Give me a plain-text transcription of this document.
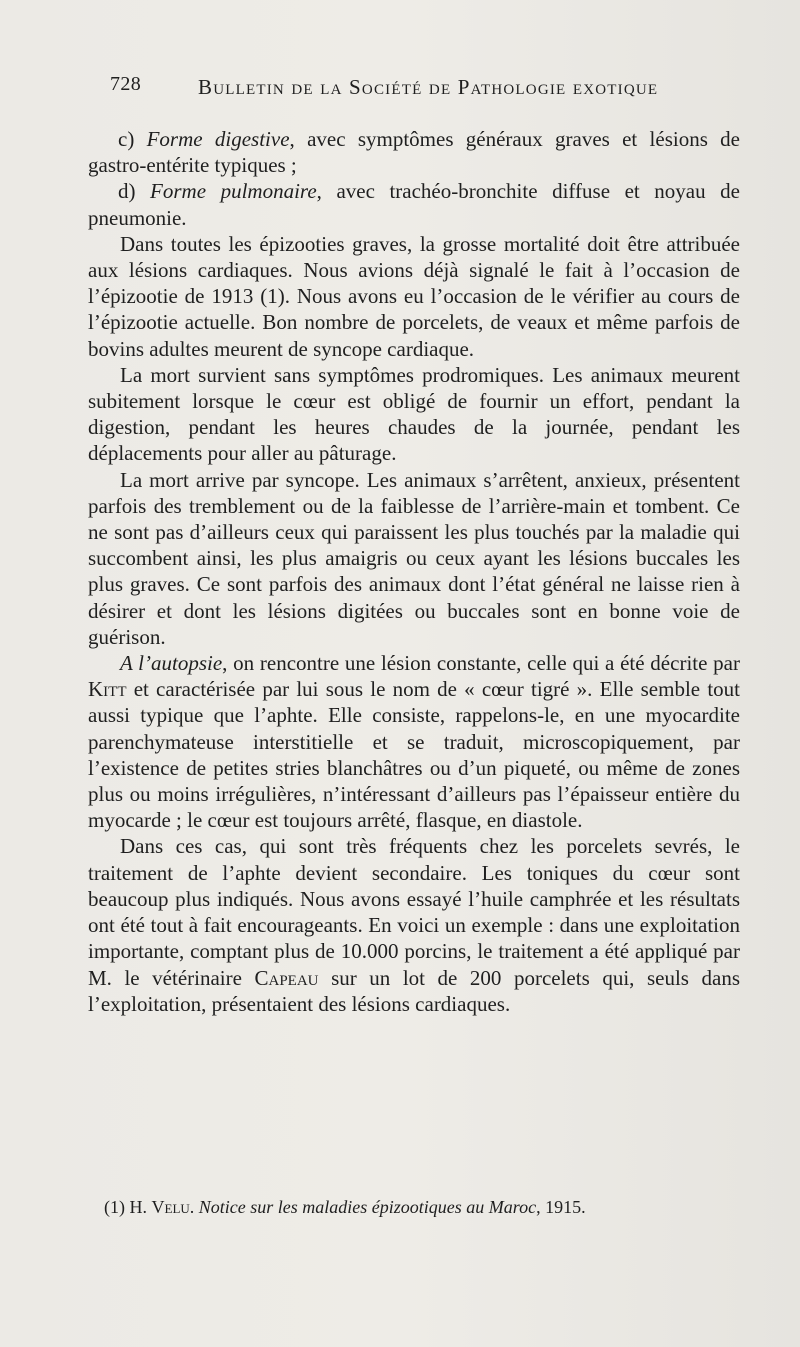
728	Bulletin de la Société de Pathologie exotique

c) Forme digestive, avec symptômes généraux graves et lésions de gastro-entérite typiques ;

d) Forme pulmonaire, avec trachéo-bronchite diffuse et noyau de pneumonie.

Dans toutes les épizooties graves, la grosse mortalité doit être attribuée aux lésions cardiaques. Nous avions déjà signalé le fait à l’occasion de l’épizootie de 1913 (1). Nous avons eu l’occasion de le vérifier au cours de l’épizootie actuelle. Bon nombre de porcelets, de veaux et même parfois de bovins adultes meurent de syncope cardiaque.

La mort survient sans symptômes prodromiques. Les animaux meurent subitement lorsque le cœur est obligé de fournir un effort, pendant la digestion, pendant les heures chaudes de la journée, pendant les déplacements pour aller au pâturage.

La mort arrive par syncope. Les animaux s’arrêtent, anxieux, présentent parfois des tremblement ou de la faiblesse de l’arrière-main et tombent. Ce ne sont pas d’ailleurs ceux qui paraissent les plus touchés par la maladie qui succombent ainsi, les plus amaigris ou ceux ayant les lésions buccales les plus graves. Ce sont parfois des animaux dont l’état général ne laisse rien à désirer et dont les lésions digitées ou buccales sont en bonne voie de guérison.

A l’autopsie, on rencontre une lésion constante, celle qui a été décrite par Kitt et caractérisée par lui sous le nom de « cœur tigré ». Elle semble tout aussi typique que l’aphte. Elle consiste, rappelons-le, en une myocardite parenchymateuse interstitielle et se traduit, microscopiquement, par l’existence de petites stries blanchâtres ou d’un piqueté, ou même de zones plus ou moins irrégulières, n’intéressant d’ailleurs pas l’épaisseur entière du myocarde ; le cœur est toujours arrêté, flasque, en diastole.

Dans ces cas, qui sont très fréquents chez les porcelets sevrés, le traitement de l’aphte devient secondaire. Les toniques du cœur sont beaucoup plus indiqués. Nous avons essayé l’huile camphrée et les résultats ont été tout à fait encourageants. En voici un exemple : dans une exploitation importante, comptant plus de 10.000 porcins, le traitement a été appliqué par M. le vétérinaire Capeau sur un lot de 200 porcelets qui, seuls dans l’exploitation, présentaient des lésions cardiaques.

(1) H. Velu. Notice sur les maladies épizootiques au Maroc, 1915.
